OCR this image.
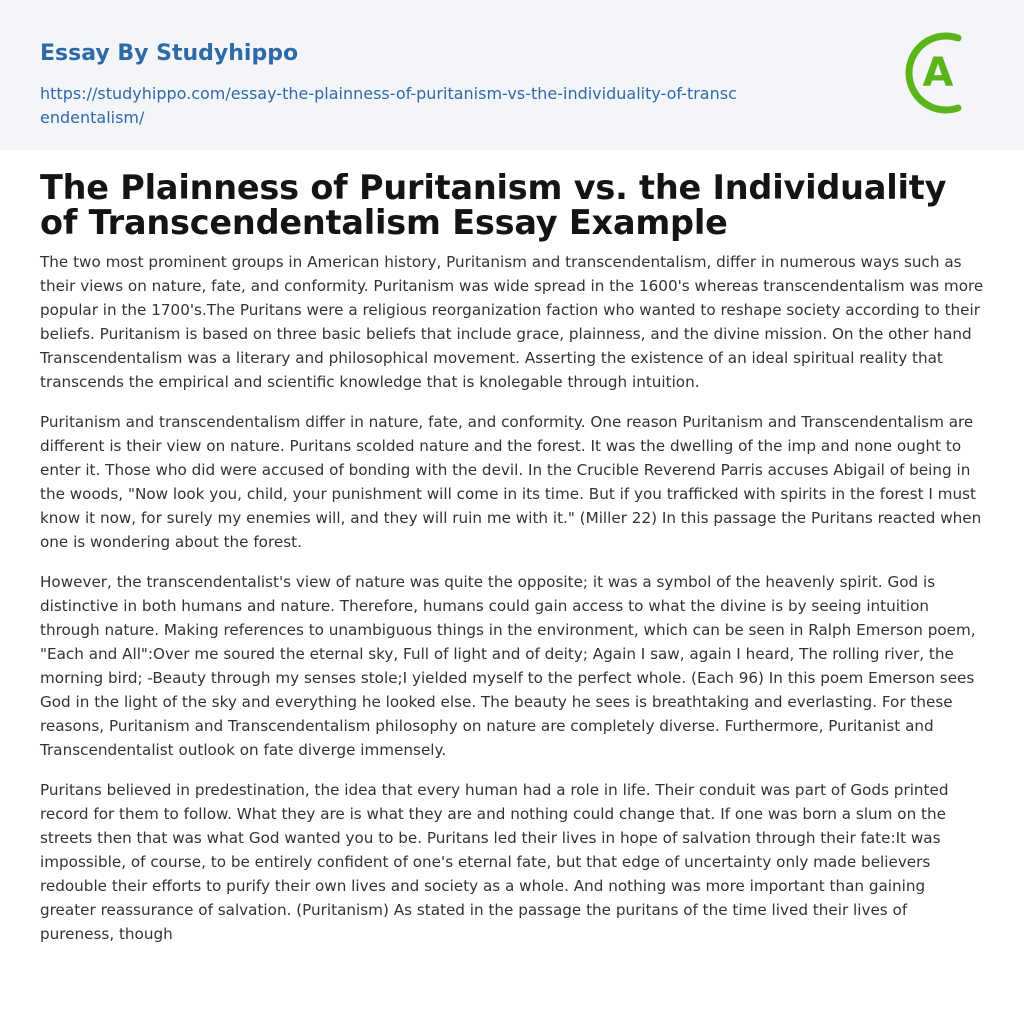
Essay By Studyhippo
https://studyhippo.com/essay-the-plainness-of-puritanism-vs-the-individuality-of-transcendentalism/
A
The Plainness of Puritanism vs. the Individuality of Transcendentalism Essay Example

The two most prominent groups in American history, Puritanism and transcendentalism, differ in numerous ways such as their views on nature, fate, and conformity. Puritanism was wide spread in the 1600's whereas transcendentalism was more popular in the 1700's.The Puritans were a religious reorganization faction who wanted to reshape society according to their beliefs. Puritanism is based on three basic beliefs that include grace, plainness, and the divine mission. On the other hand Transcendentalism was a literary and philosophical movement. Asserting the existence of an ideal spiritual reality that transcends the empirical and scientific knowledge that is knolegable through intuition.

Puritanism and transcendentalism differ in nature, fate, and conformity. One reason Puritanism and Transcendentalism are different is their view on nature. Puritans scolded nature and the forest. It was the dwelling of the imp and none ought to enter it. Those who did were accused of bonding with the devil. In the Crucible Reverend Parris accuses Abigail of being in the woods, "Now look you, child, your punishment will come in its time. But if you trafficked with spirits in the forest I must know it now, for surely my enemies will, and they will ruin me with it." (Miller 22) In this passage the Puritans reacted when one is wondering about the forest.

However, the transcendentalist's view of nature was quite the opposite; it was a symbol of the heavenly spirit. God is distinctive in both humans and nature. Therefore, humans could gain access to what the divine is by seeing intuition through nature. Making references to unambiguous things in the environment, which can be seen in Ralph Emerson poem, "Each and All":Over me soured the eternal sky, Full of light and of deity; Again I saw, again I heard, The rolling river, the morning bird; -Beauty through my senses stole;I yielded myself to the perfect whole. (Each 96) In this poem Emerson sees God in the light of the sky and everything he looked else. The beauty he sees is breathtaking and everlasting. For these reasons, Puritanism and Transcendentalism philosophy on nature are completely diverse. Furthermore, Puritanist and Transcendentalist outlook on fate diverge immensely.

Puritans believed in predestination, the idea that every human had a role in life. Their conduit was part of Gods printed record for them to follow. What they are is what they are and nothing could change that. If one was born a slum on the streets then that was what God wanted you to be. Puritans led their lives in hope of salvation through their fate:It was impossible, of course, to be entirely confident of one's eternal fate, but that edge of uncertainty only made believers redouble their efforts to purify their own lives and society as a whole. And nothing was more important than gaining greater reassurance of salvation. (Puritanism) As stated in the passage the puritans of the time lived their lives of pureness, though
